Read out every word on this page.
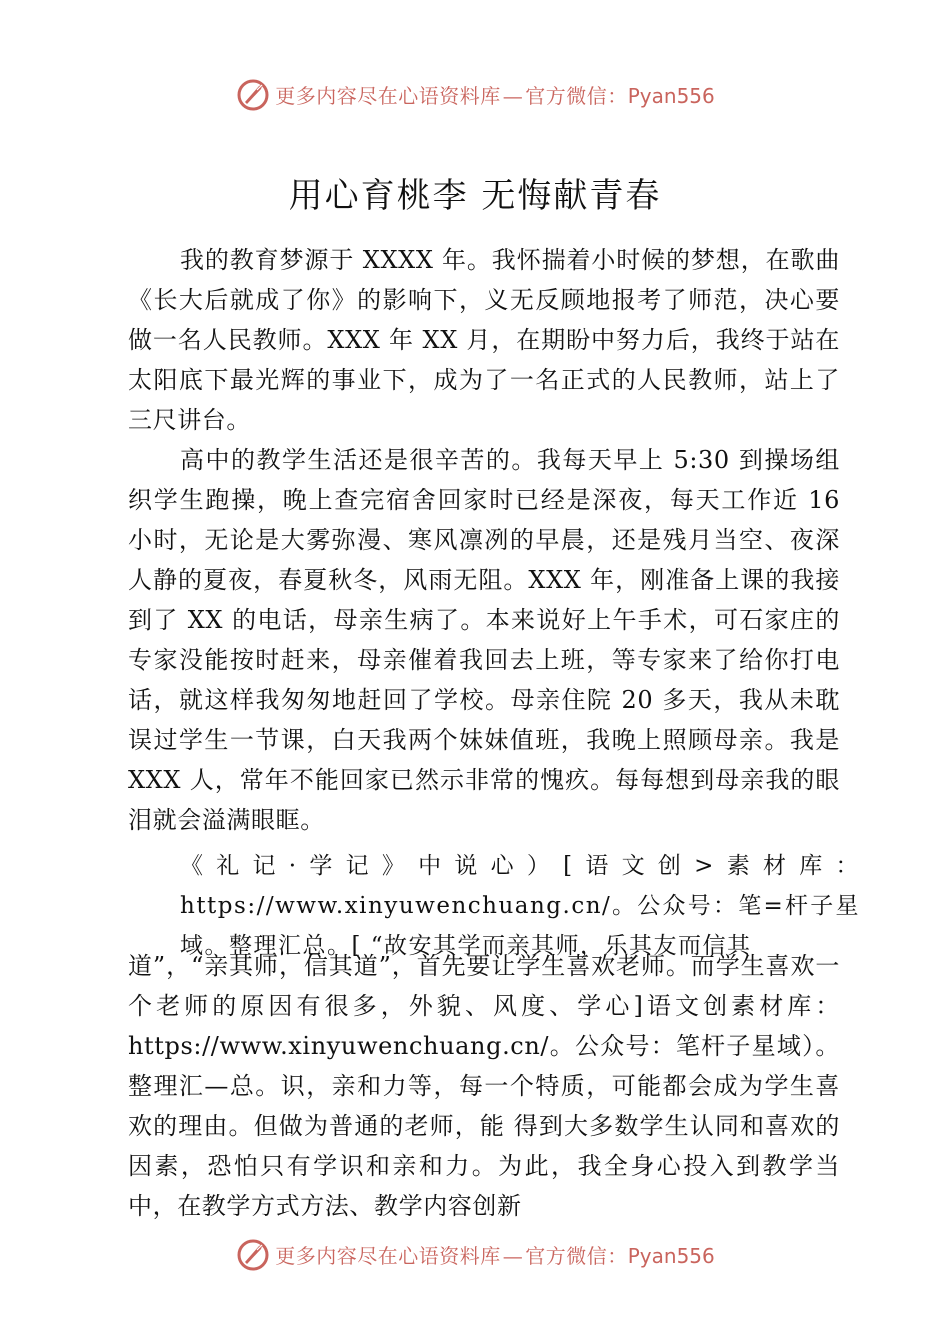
更多内容尽在心语资料库 — 官方微信：Pyan556
用心育桃李 无悔献青春

我的教育梦源于 XXXX 年。我怀揣着小时候的梦想，在歌曲《长大后就成了你》的影响下，义无反顾地报考了师范，决心要做一名人民教师。XXX 年 XX 月，在期盼中努力后，我终于站在太阳底下最光辉的事业下，成为了一名正式的人民教师，站上了三尺讲台。

高中的教学生活还是很辛苦的。我每天早上 5:30 到操场组织学生跑操，晚上查完宿舍回家时已经是深夜，每天工作近 16 小时，无论是大雾弥漫、寒风凛冽的早晨，还是残月当空、夜深人静的夏夜，春夏秋冬，风雨无阻。XXX 年，刚准备上课的我接到了 XX 的电话，母亲生病了。本来说好上午手术，可石家庄的专家没能按时赶来，母亲催着我回去上班，等专家来了给你打电话，就这样我匆匆地赶回了学校。母亲住院 20 多天，我从未耽误过学生一节课，白天我两个妹妹值班，我晚上照顾母亲。我是 XXX 人，常年不能回家已然示非常的愧疚。每每想到母亲我的眼泪就会溢满眼眶。

《礼记·学记》中说心）[语文创>素材库：https://www.xinyuwenchuang.cn/。公众号：笔=杆子星域。整理汇总。[ “故安其学而亲其师，乐其友而信其

道”，“亲其师，信其道”，首先要让学生喜欢老师。而学生喜欢一个老师的原因有很多，外貌、风度、学心]语文创素材库：https://www.xinyuwenchuang.cn/。公众号：笔杆子星域）。整理汇—总。识，亲和力等，每一个特质，可能都会成为学生喜欢的理由。但做为普通的老师，能 得到大多数学生认同和喜欢的因素，恐怕只有学识和亲和力。为此，我全身心投入到教学当中，在教学方式方法、教学内容创新

更多内容尽在心语资料库 — 官方微信：Pyan556
